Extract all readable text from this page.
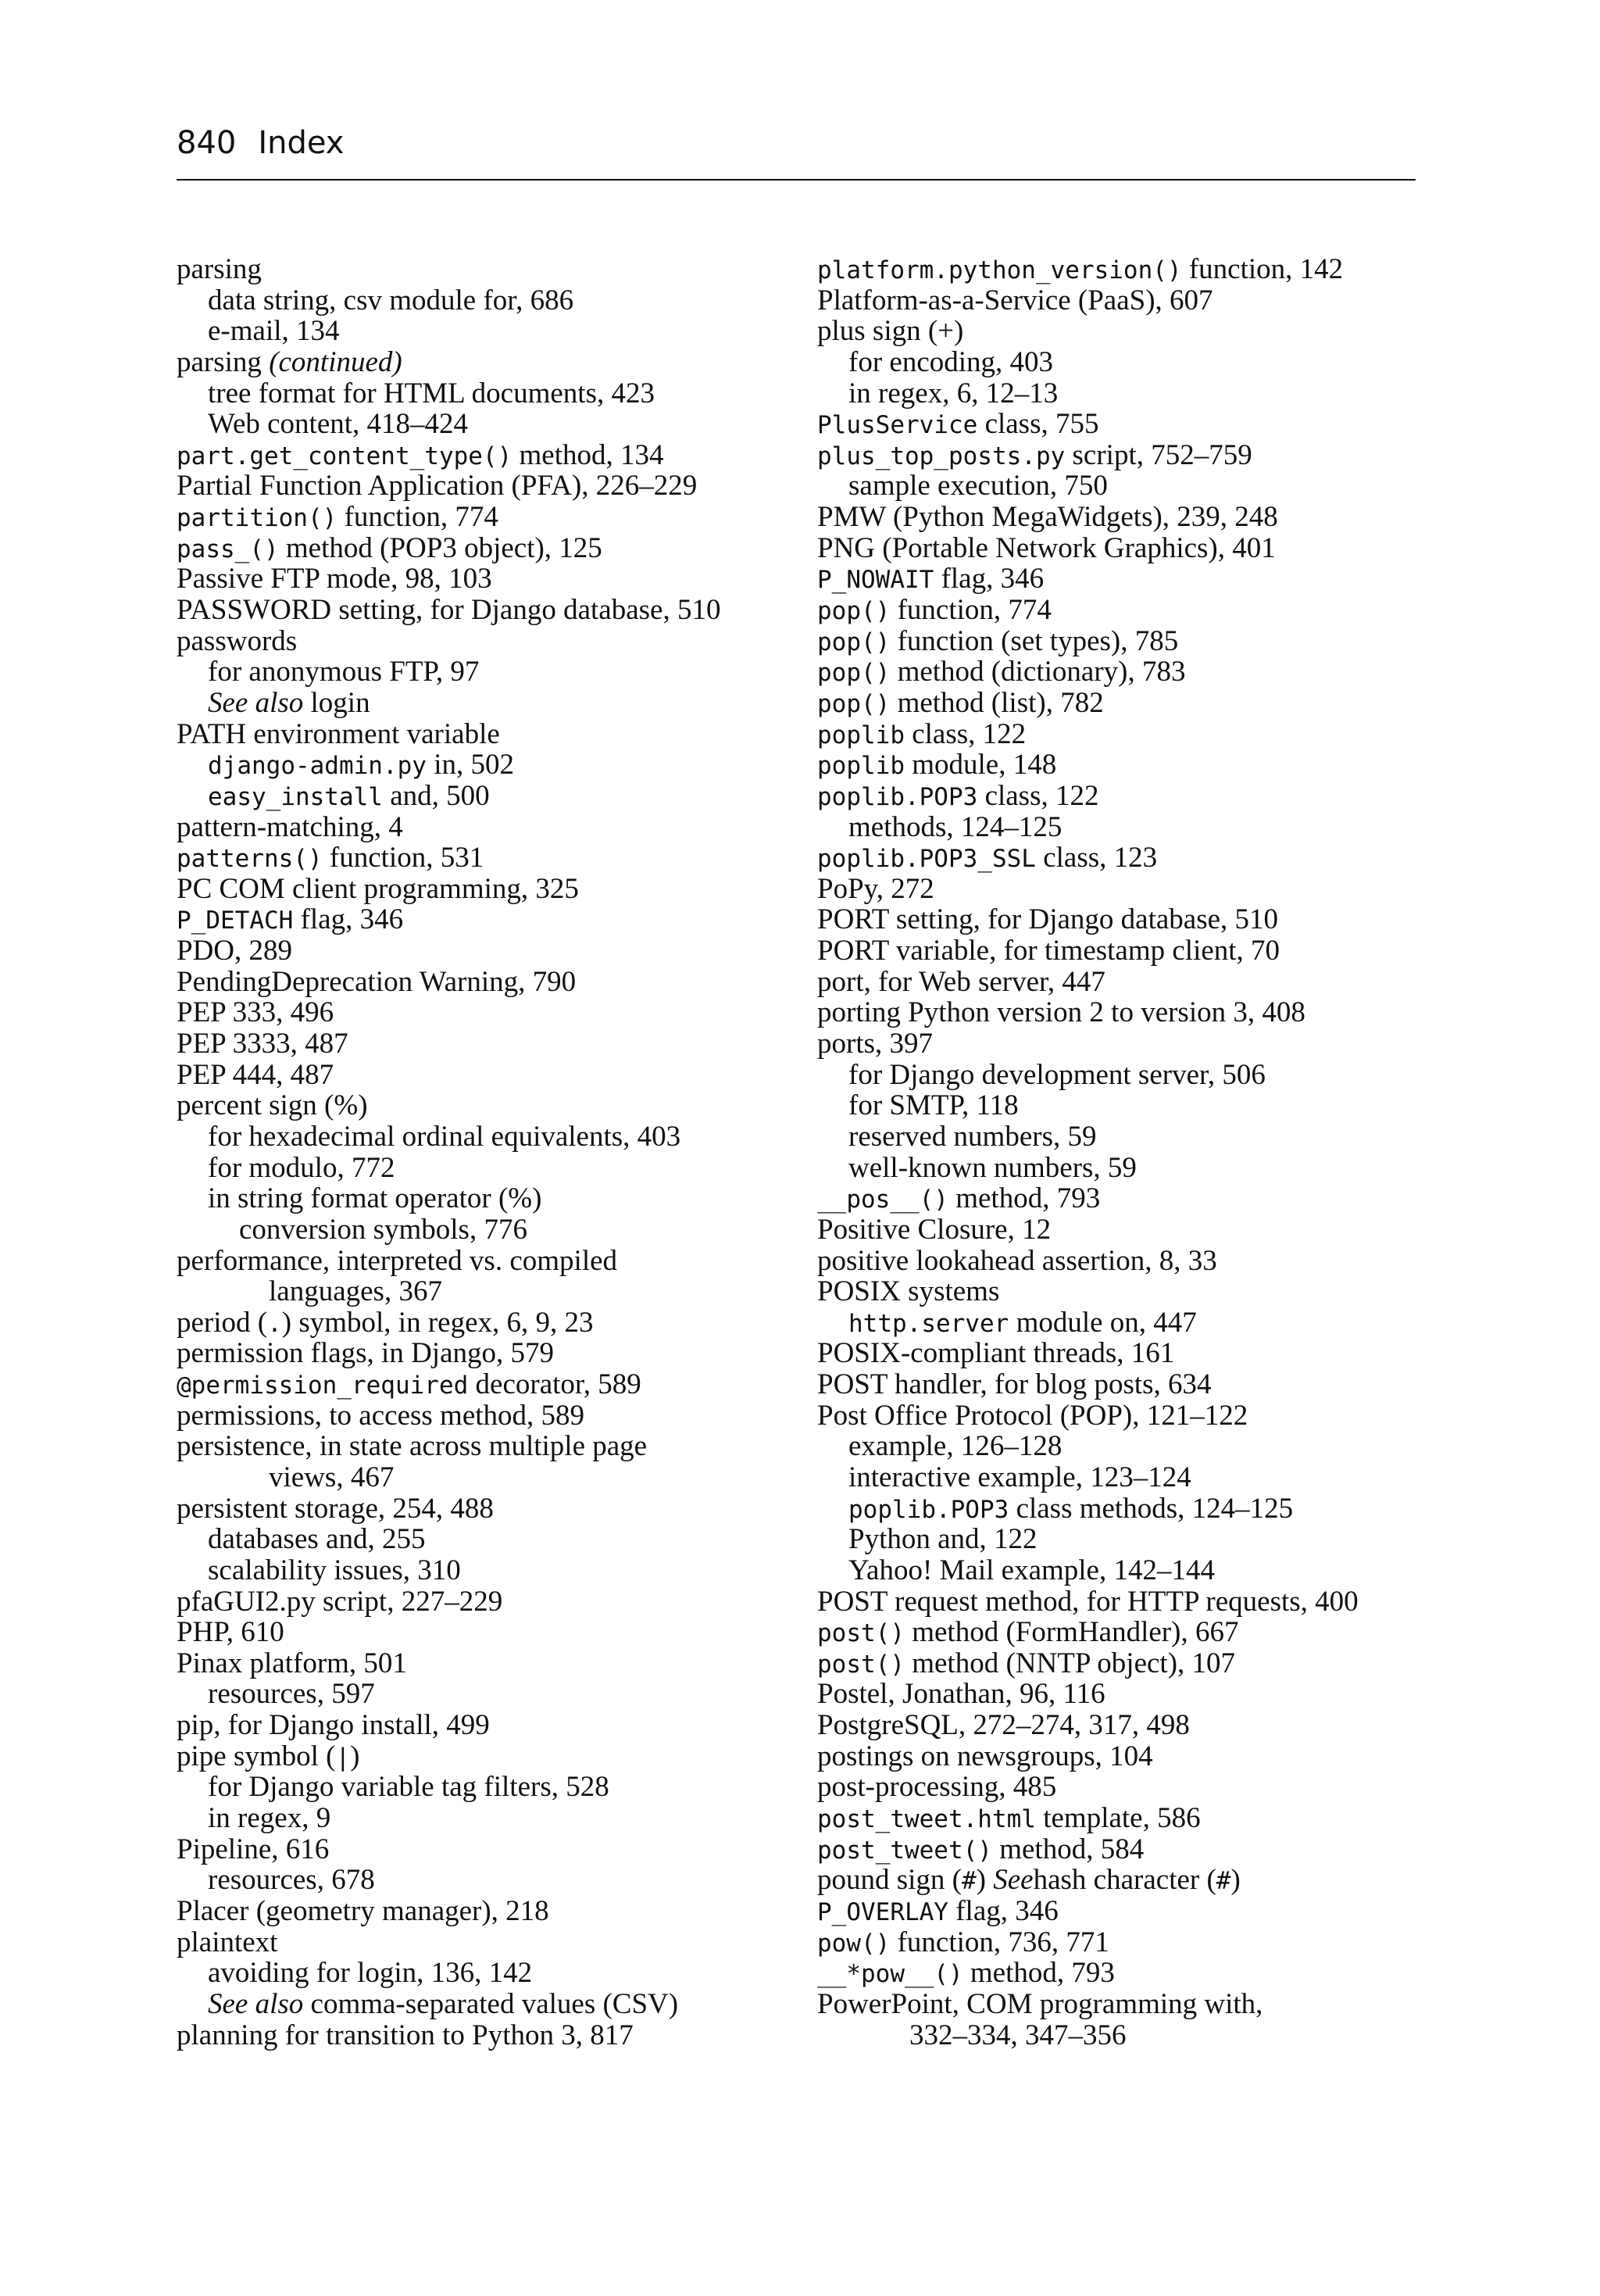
840 Index
parsing
data string, csv module for, 686
e-mail, 134
parsing (continued)
tree format for HTML documents, 423
Web content, 418–424
part.get_content_type() method, 134
Partial Function Application (PFA), 226–229
partition() function, 774
pass_() method (POP3 object), 125
Passive FTP mode, 98, 103
PASSWORD setting, for Django database, 510
passwords
for anonymous FTP, 97
See also login
PATH environment variable
django-admin.py in, 502
easy_install and, 500
pattern-matching, 4
patterns() function, 531
PC COM client programming, 325
P_DETACH flag, 346
PDO, 289
PendingDeprecation Warning, 790
PEP 333, 496
PEP 3333, 487
PEP 444, 487
percent sign (%)
for hexadecimal ordinal equivalents, 403
for modulo, 772
in string format operator (%)
conversion symbols, 776
performance, interpreted vs. compiled
languages, 367
period (.) symbol, in regex, 6, 9, 23
permission flags, in Django, 579
@permission_required decorator, 589
permissions, to access method, 589
persistence, in state across multiple page
views, 467
persistent storage, 254, 488
databases and, 255
scalability issues, 310
pfaGUI2.py script, 227–229
PHP, 610
Pinax platform, 501
resources, 597
pip, for Django install, 499
pipe symbol (|)
for Django variable tag filters, 528
in regex, 9
Pipeline, 616
resources, 678
Placer (geometry manager), 218
plaintext
avoiding for login, 136, 142
See also comma-separated values (CSV)
planning for transition to Python 3, 817
platform.python_version() function, 142
Platform-as-a-Service (PaaS), 607
plus sign (+)
for encoding, 403
in regex, 6, 12–13
PlusService class, 755
plus_top_posts.py script, 752–759
sample execution, 750
PMW (Python MegaWidgets), 239, 248
PNG (Portable Network Graphics), 401
P_NOWAIT flag, 346
pop() function, 774
pop() function (set types), 785
pop() method (dictionary), 783
pop() method (list), 782
poplib class, 122
poplib module, 148
poplib.POP3 class, 122
methods, 124–125
poplib.POP3_SSL class, 123
PoPy, 272
PORT setting, for Django database, 510
PORT variable, for timestamp client, 70
port, for Web server, 447
porting Python version 2 to version 3, 408
ports, 397
for Django development server, 506
for SMTP, 118
reserved numbers, 59
well-known numbers, 59
__pos__() method, 793
Positive Closure, 12
positive lookahead assertion, 8, 33
POSIX systems
http.server module on, 447
POSIX-compliant threads, 161
POST handler, for blog posts, 634
Post Office Protocol (POP), 121–122
example, 126–128
interactive example, 123–124
poplib.POP3 class methods, 124–125
Python and, 122
Yahoo! Mail example, 142–144
POST request method, for HTTP requests, 400
post() method (FormHandler), 667
post() method (NNTP object), 107
Postel, Jonathan, 96, 116
PostgreSQL, 272–274, 317, 498
postings on newsgroups, 104
post-processing, 485
post_tweet.html template, 586
post_tweet() method, 584
pound sign (#) Seehash character (#)
P_OVERLAY flag, 346
pow() function, 736, 771
__*pow__() method, 793
PowerPoint, COM programming with,
332–334, 347–356
